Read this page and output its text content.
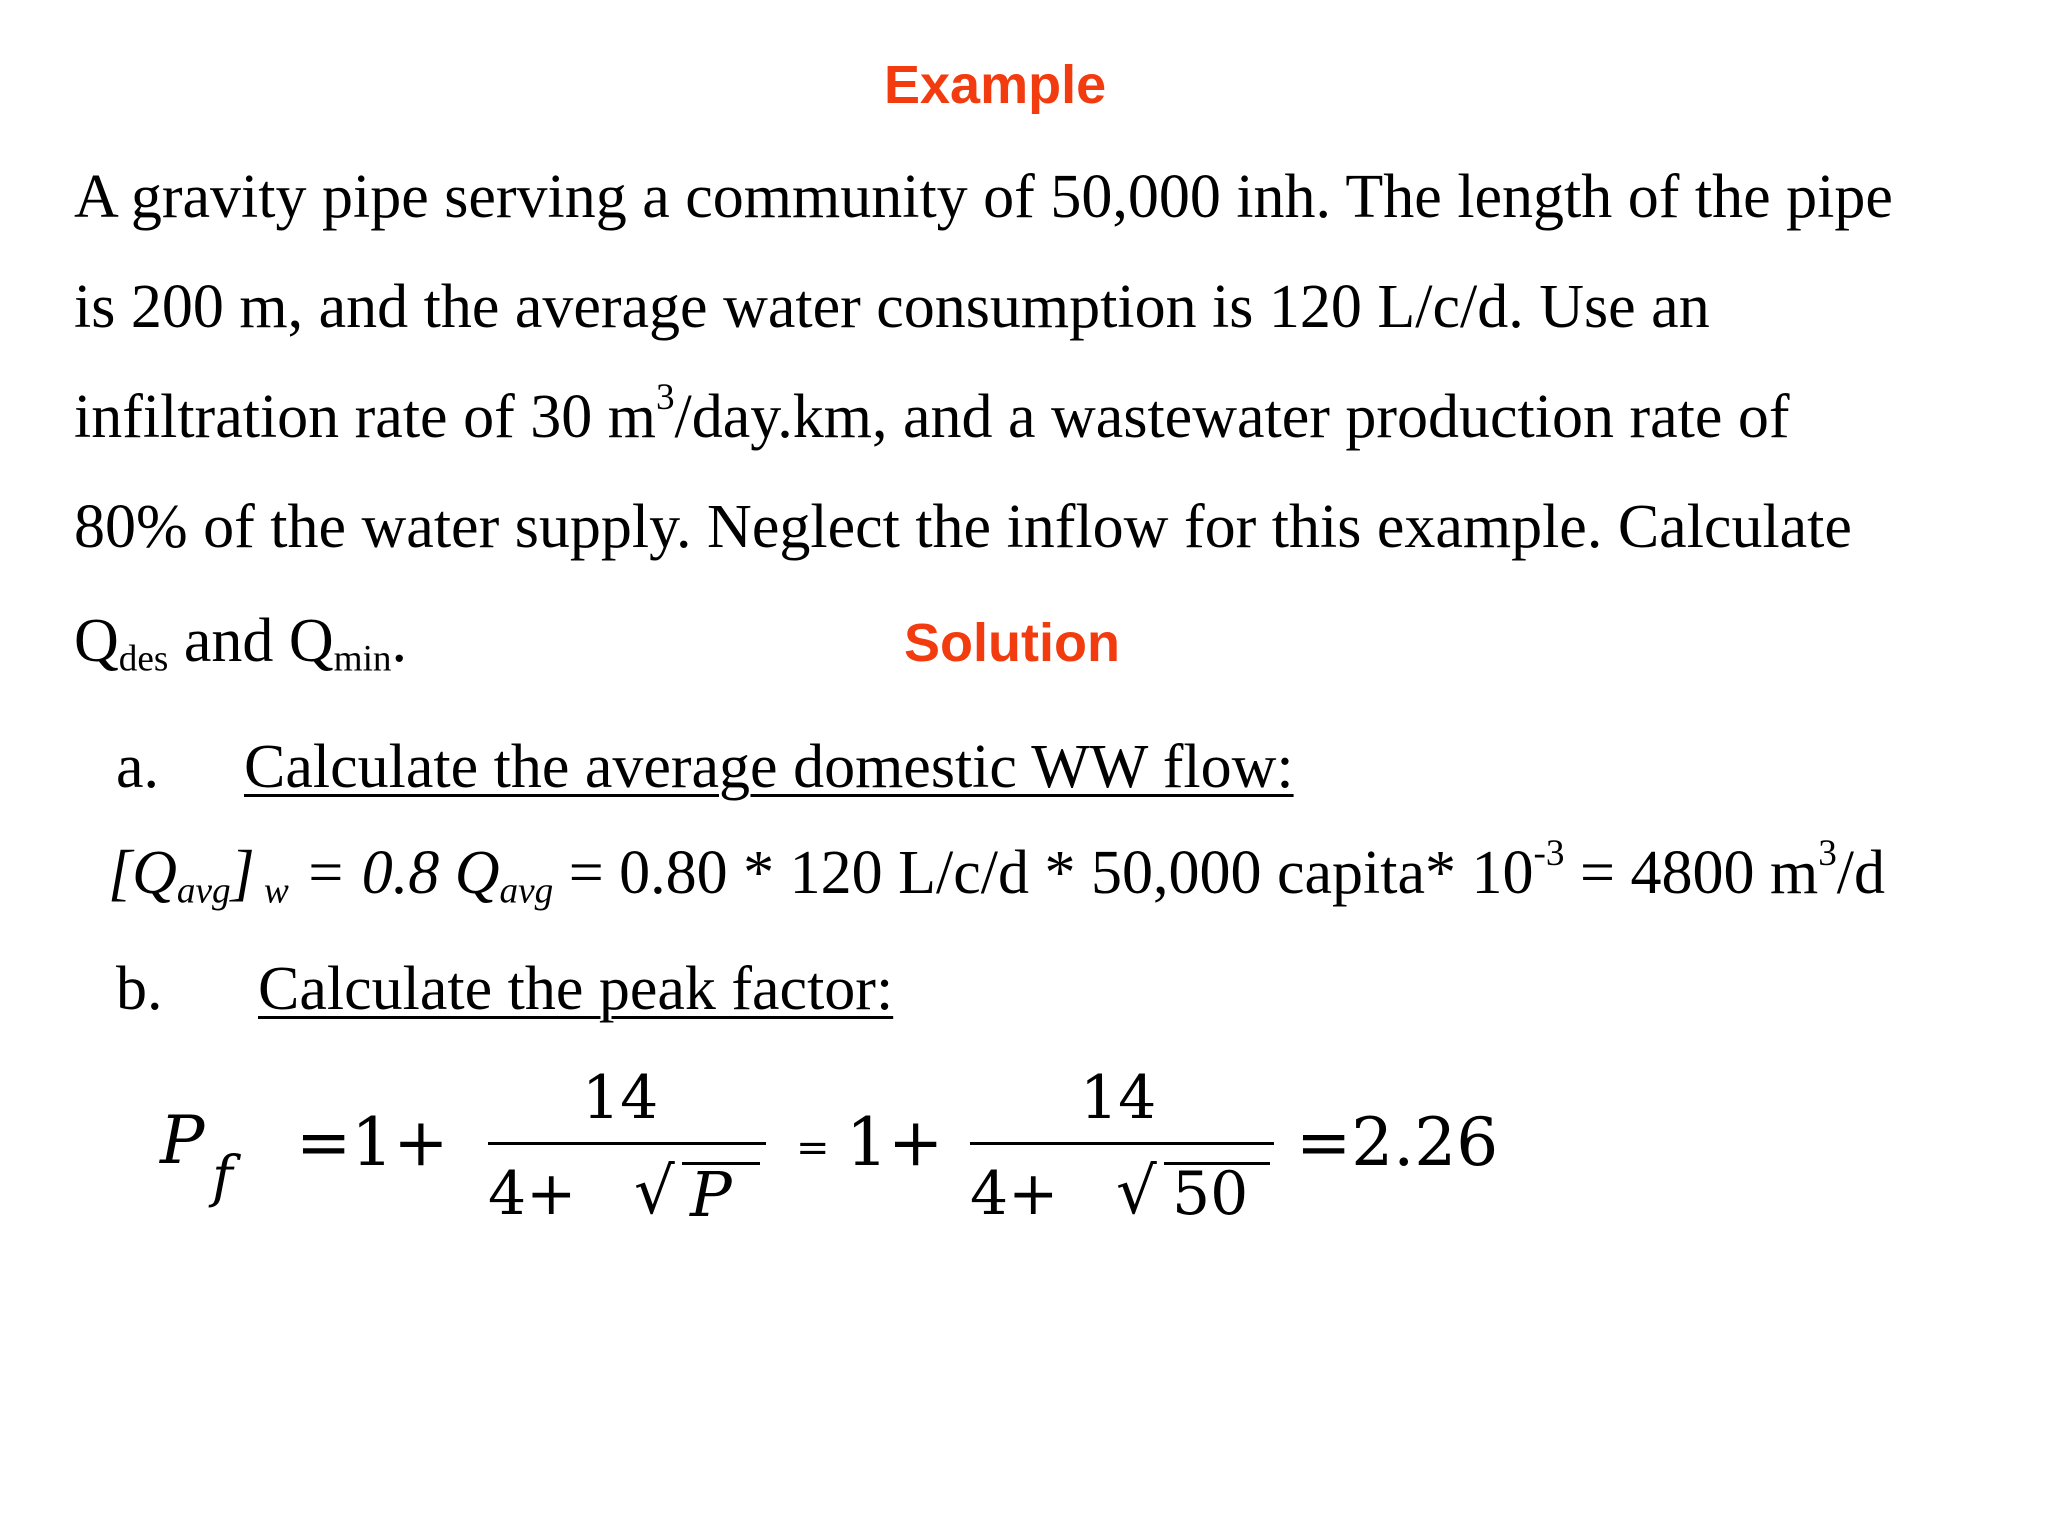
Example
A gravity pipe serving a community of 50,000 inh. The length of the pipe
is 200 m, and the average water consumption is 120 L/c/d. Use an
infiltration rate of 30 $m^3/day.km$, and a wastewater production rate of
80% of the water supply. Neglect the inflow for this example. Calculate
$Q_{des}$ and $Q_{min}$.	Solution
a. Calculate the average domestic WW flow:
$[Q_{avg}] _w = 0.8$ $Q_{avg} = 0.80 * 120$ L/c/d * 50,000 capita* $10^{-3} = 4800$ $m^3/d$
b. Calculate the peak factor:
P f =1+
14
4+ √ P
= 1+
14
4+ √ 50
=2.26
